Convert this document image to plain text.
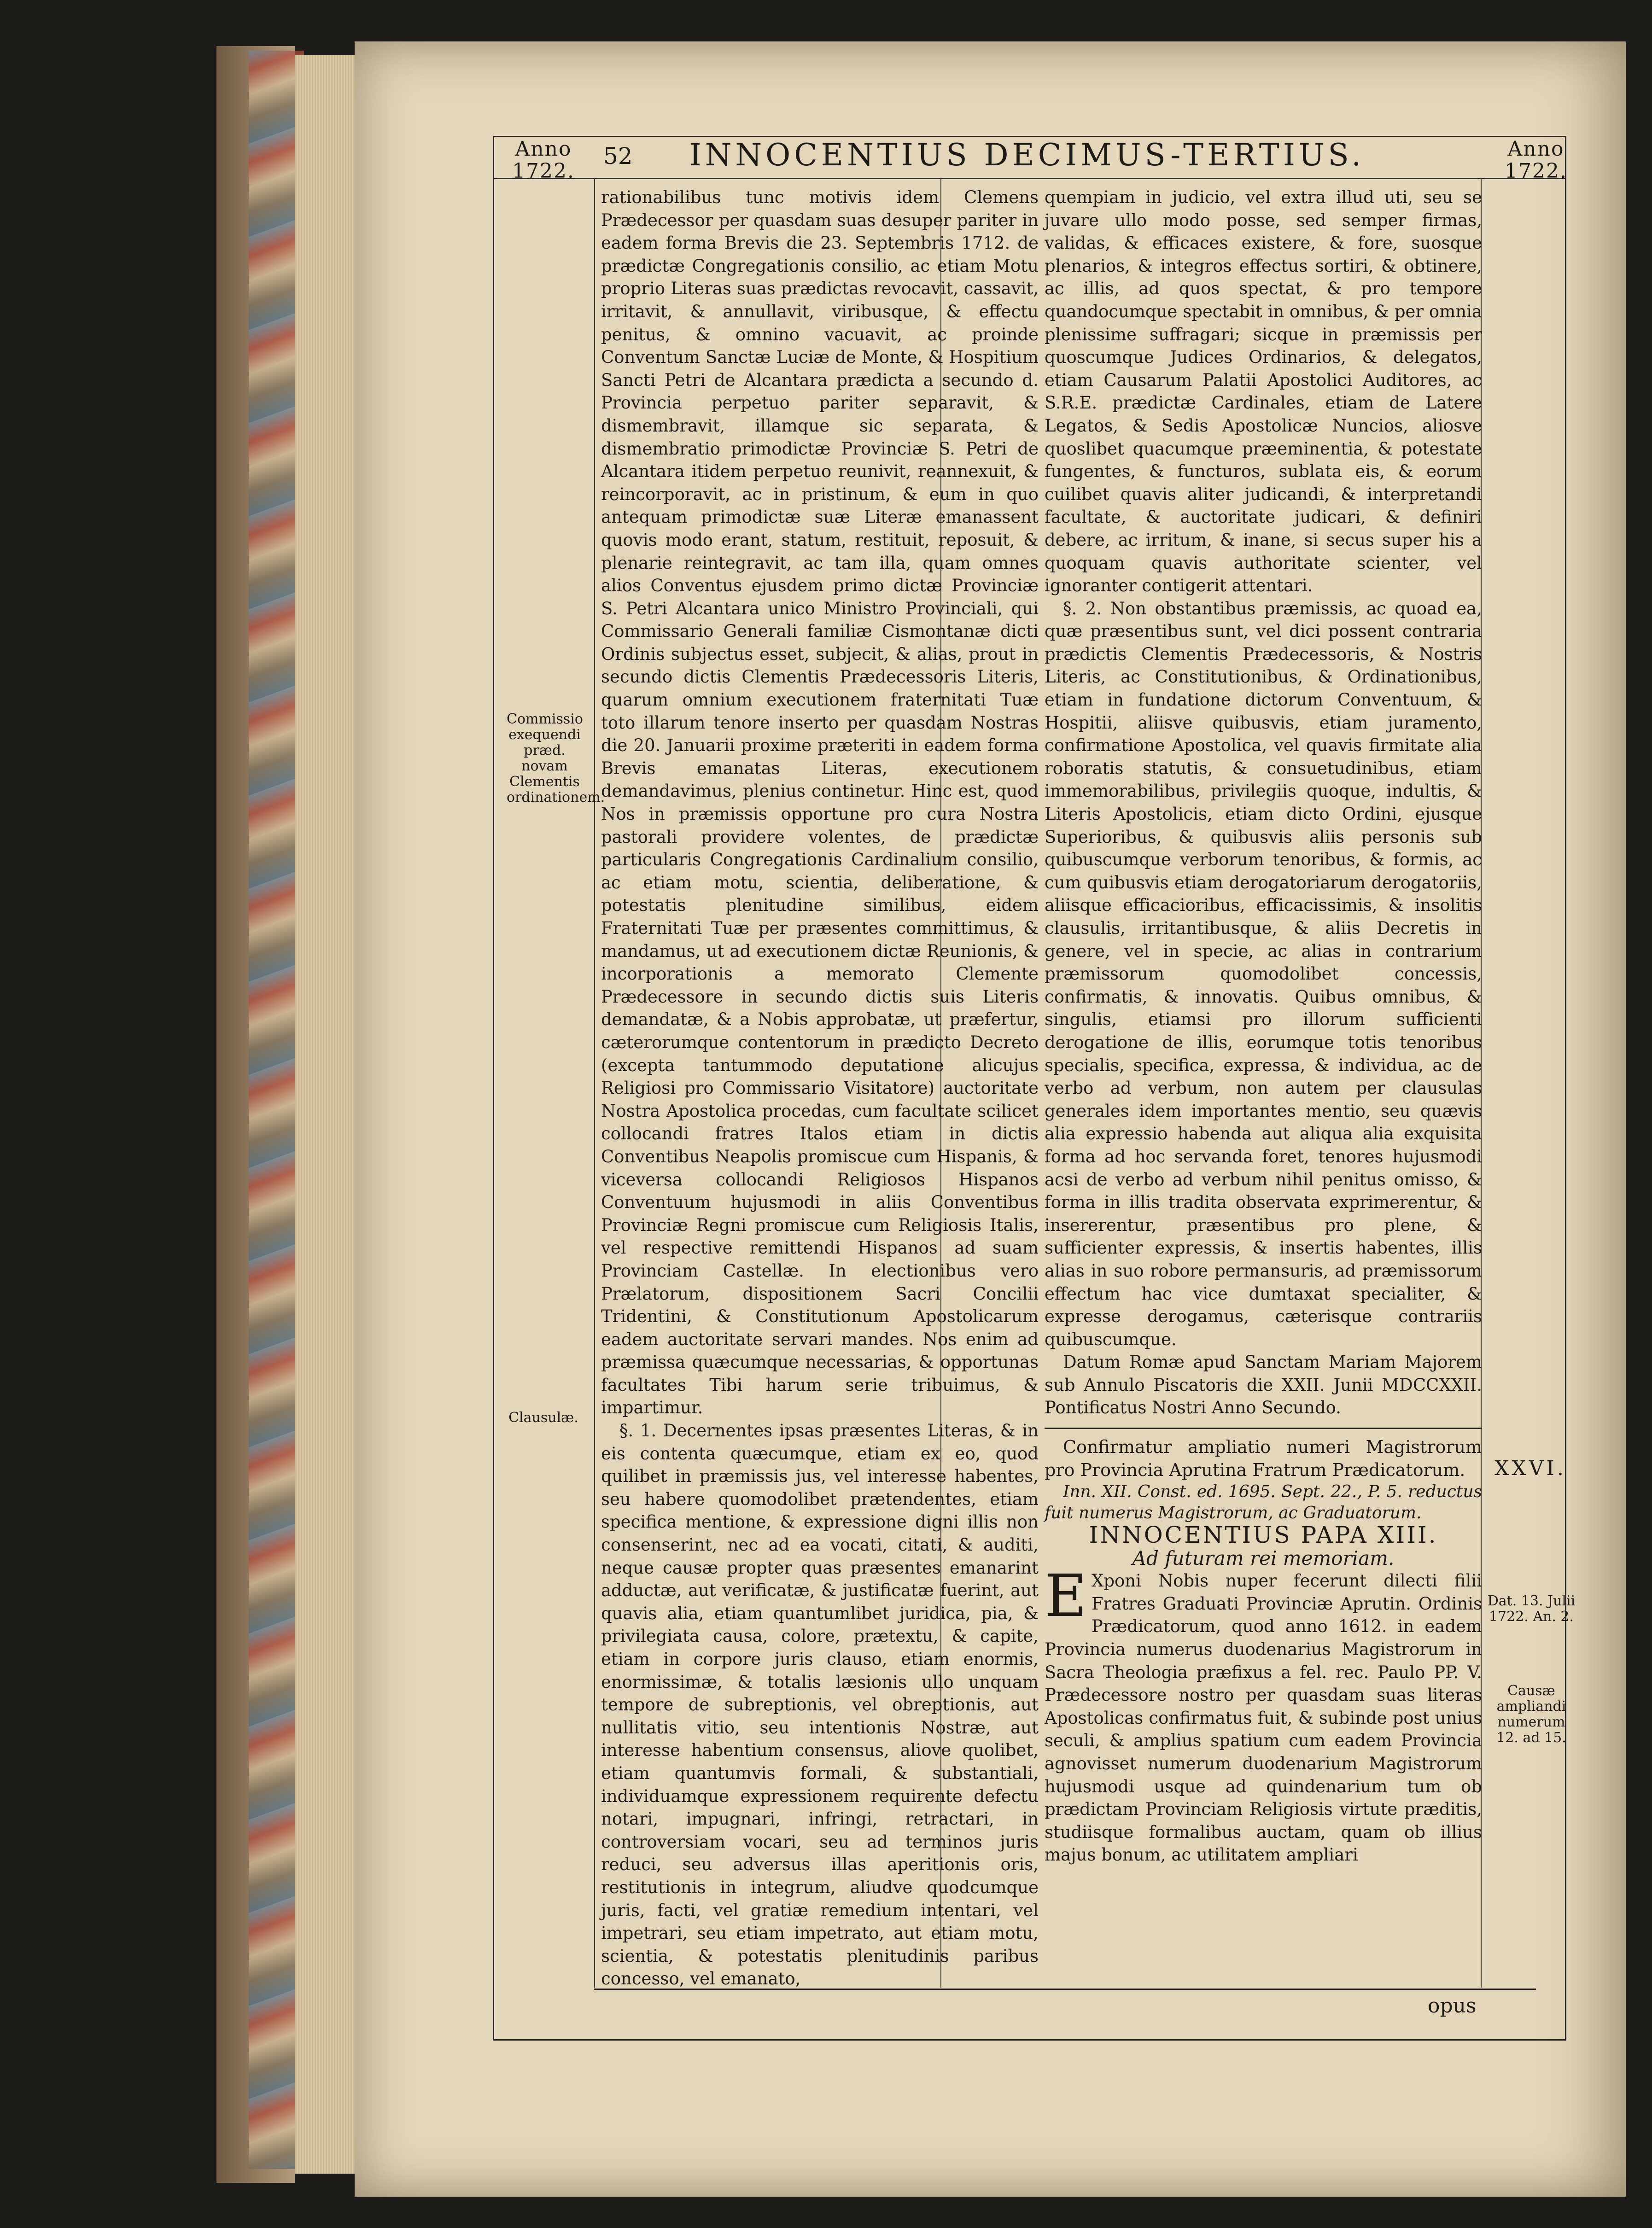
Anno
1722.
52 INNOCENTIUS DECIMUS-TERTIUS.	Anno
1722.

rationabilibus tunc motivis idem Clemens Prædecessor per quasdam suas desuper pariter in eadem forma Brevis die 23. Septembris 1712. de prædictæ Congregationis consilio, ac etiam Motu proprio Literas suas prædictas revocavit, cassavit, irritavit, & annullavit, viribusque, & effectu penitus, & omnino vacuavit, ac proinde Conventum Sanctæ Luciæ de Monte, & Hospitium Sancti Petri de Alcantara prædicta a secundo d. Provincia perpetuo pariter separavit, & dismembravit, illamque sic separata, & dismembratio primodictæ Provinciæ S. Petri de Alcantara itidem perpetuo reunivit, reannexuit, & reincorporavit, ac in pristinum, & eum in quo antequam primodictæ suæ Literæ emanassent quovis modo erant, statum, restituit, reposuit, & plenarie reintegravit, ac tam illa, quam omnes alios Conventus ejusdem primo dictæ Provinciæ S. Petri Alcantara unico Ministro Provinciali, qui Commissario Generali familiæ Cismontanæ dicti Ordinis subjectus esset, subjecit, & alias, prout in secundo dictis Clementis Prædecessoris Literis, quarum omnium executionem fraternitati Tuæ toto illarum tenore inserto per quasdam Nostras die 20. Januarii proxime præteriti in eadem forma Brevis emanatas Literas, executionem demandavimus, plenius continetur. Hinc est, quod Nos in præmissis opportune pro cura Nostra pastorali providere volentes, de prædictæ particularis Congregationis Cardinalium consilio, ac etiam motu, scientia, deliberatione, & potestatis plenitudine similibus, eidem Fraternitati Tuæ per præsentes committimus, & mandamus, ut ad executionem dictæ Reunionis, & incorporationis a memorato Clemente Prædecessore in secundo dictis suis Literis demandatæ, & a Nobis approbatæ, ut præfertur, cæterorumque contentorum in prædicto Decreto (excepta tantummodo deputatione alicujus Religiosi pro Commissario Visitatore) auctoritate Nostra Apostolica procedas, cum facultate scilicet collocandi fratres Italos etiam in dictis Conventibus Neapolis promiscue cum Hispanis, & viceversa collocandi Religiosos Hispanos Conventuum hujusmodi in aliis Conventibus Provinciæ Regni promiscue cum Religiosis Italis, vel respective remittendi Hispanos ad suam Provinciam Castellæ. In electionibus vero Prælatorum, dispositionem Sacri Concilii Tridentini, & Constitutionum Apostolicarum eadem auctoritate servari mandes. Nos enim ad præmissa quæcumque necessarias, & opportunas facultates Tibi harum serie tribuimus, & impartimur.

§. 1. Decernentes ipsas præsentes Literas, & in eis contenta quæcumque, etiam ex eo, quod quilibet in præmissis jus, vel interesse habentes, seu habere quomodolibet prætendentes, etiam specifica mentione, & expressione digni illis non consenserint, nec ad ea vocati, citati, & auditi, neque causæ propter quas præsentes emanarint adductæ, aut verificatæ, & justificatæ fuerint, aut quavis alia, etiam quantumlibet juridica, pia, & privilegiata causa, colore, prætextu, & capite, etiam in corpore juris clauso, etiam enormis, enormissimæ, & totalis læsionis ullo unquam tempore de subreptionis, vel obreptionis, aut nullitatis vitio, seu intentionis Nostræ, aut interesse habentium consensus, aliove quolibet, etiam quantumvis formali, & substantiali, individuamque expressionem requirente defectu notari, impugnari, infringi, retractari, in controversiam vocari, seu ad terminos juris reduci, seu adversus illas aperitionis oris, restitutionis in integrum, aliudve quodcumque juris, facti, vel gratiæ remedium intentari, vel impetrari, seu etiam impetrato, aut etiam motu, scientia, & potestatis plenitudinis paribus concesso, vel emanato,

quempiam in judicio, vel extra illud uti, seu se juvare ullo modo posse, sed semper firmas, validas, & efficaces existere, & fore, suosque plenarios, & integros effectus sortiri, & obtinere, ac illis, ad quos spectat, & pro tempore quandocumque spectabit in omnibus, & per omnia plenissime suffragari; sicque in præmissis per quoscumque Judices Ordinarios, & delegatos, etiam Causarum Palatii Apostolici Auditores, ac S.R.E. prædictæ Cardinales, etiam de Latere Legatos, & Sedis Apostolicæ Nuncios, aliosve quoslibet quacumque præeminentia, & potestate fungentes, & functuros, sublata eis, & eorum cuilibet quavis aliter judicandi, & interpretandi facultate, & auctoritate judicari, & definiri debere, ac irritum, & inane, si secus super his a quoquam quavis authoritate scienter, vel ignoranter contigerit attentari.

§. 2. Non obstantibus præmissis, ac quoad ea, quæ præsentibus sunt, vel dici possent contraria prædictis Clementis Prædecessoris, & Nostris Literis, ac Constitutionibus, & Ordinationibus, etiam in fundatione dictorum Conventuum, & Hospitii, aliisve quibusvis, etiam juramento, confirmatione Apostolica, vel quavis firmitate alia roboratis statutis, & consuetudinibus, etiam immemorabilibus, privilegiis quoque, indultis, & Literis Apostolicis, etiam dicto Ordini, ejusque Superioribus, & quibusvis aliis personis sub quibuscumque verborum tenoribus, & formis, ac cum quibusvis etiam derogatoriarum derogatoriis, aliisque efficacioribus, efficacissimis, & insolitis clausulis, irritantibusque, & aliis Decretis in genere, vel in specie, ac alias in contrarium præmissorum quomodolibet concessis, confirmatis, & innovatis. Quibus omnibus, & singulis, etiamsi pro illorum sufficienti derogatione de illis, eorumque totis tenoribus specialis, specifica, expressa, & individua, ac de verbo ad verbum, non autem per clausulas generales idem importantes mentio, seu quævis alia expressio habenda aut aliqua alia exquisita forma ad hoc servanda foret, tenores hujusmodi acsi de verbo ad verbum nihil penitus omisso, & forma in illis tradita observata exprimerentur, & insererentur, præsentibus pro plene, & sufficienter expressis, & insertis habentes, illis alias in suo robore permansuris, ad præmissorum effectum hac vice dumtaxat specialiter, & expresse derogamus, cæterisque contrariis quibuscumque.

Datum Romæ apud Sanctam Mariam Majorem sub Annulo Piscatoris die XXII. Junii MDCCXXII. Pontificatus Nostri Anno Secundo.

Confirmatur ampliatio numeri Magistrorum pro Provincia Aprutina Fratrum Prædicatorum.

Inn. XII. Const. ed. 1695. Sept. 22., P. 5. reductus fuit numerus Magistrorum, ac Graduatorum.

INNOCENTIUS PAPA XIII.

Ad futuram rei memoriam.

E Xponi Nobis nuper fecerunt dilecti filii Fratres Graduati Provinciæ Aprutin. Ordinis Prædicatorum, quod anno 1612. in eadem Provincia numerus duodenarius Magistrorum in Sacra Theologia præfixus a fel. rec. Paulo PP. V. Prædecessore nostro per quasdam suas literas Apostolicas confirmatus fuit, & subinde post unius seculi, & amplius spatium cum eadem Provincia agnovisset numerum duodenarium Magistrorum hujusmodi usque ad quindenarium tum ob prædictam Provinciam Religiosis virtute præditis, studiisque formalibus auctam, quam ob illius majus bonum, ac utilitatem ampliari

Commissio exequendi præd. novam Clementis ordinationem.
Clausulæ.
XXVI.
Dat. 13. Julii 1722. An. 2.
Causæ ampliandi numerum 12. ad 15.
opus
